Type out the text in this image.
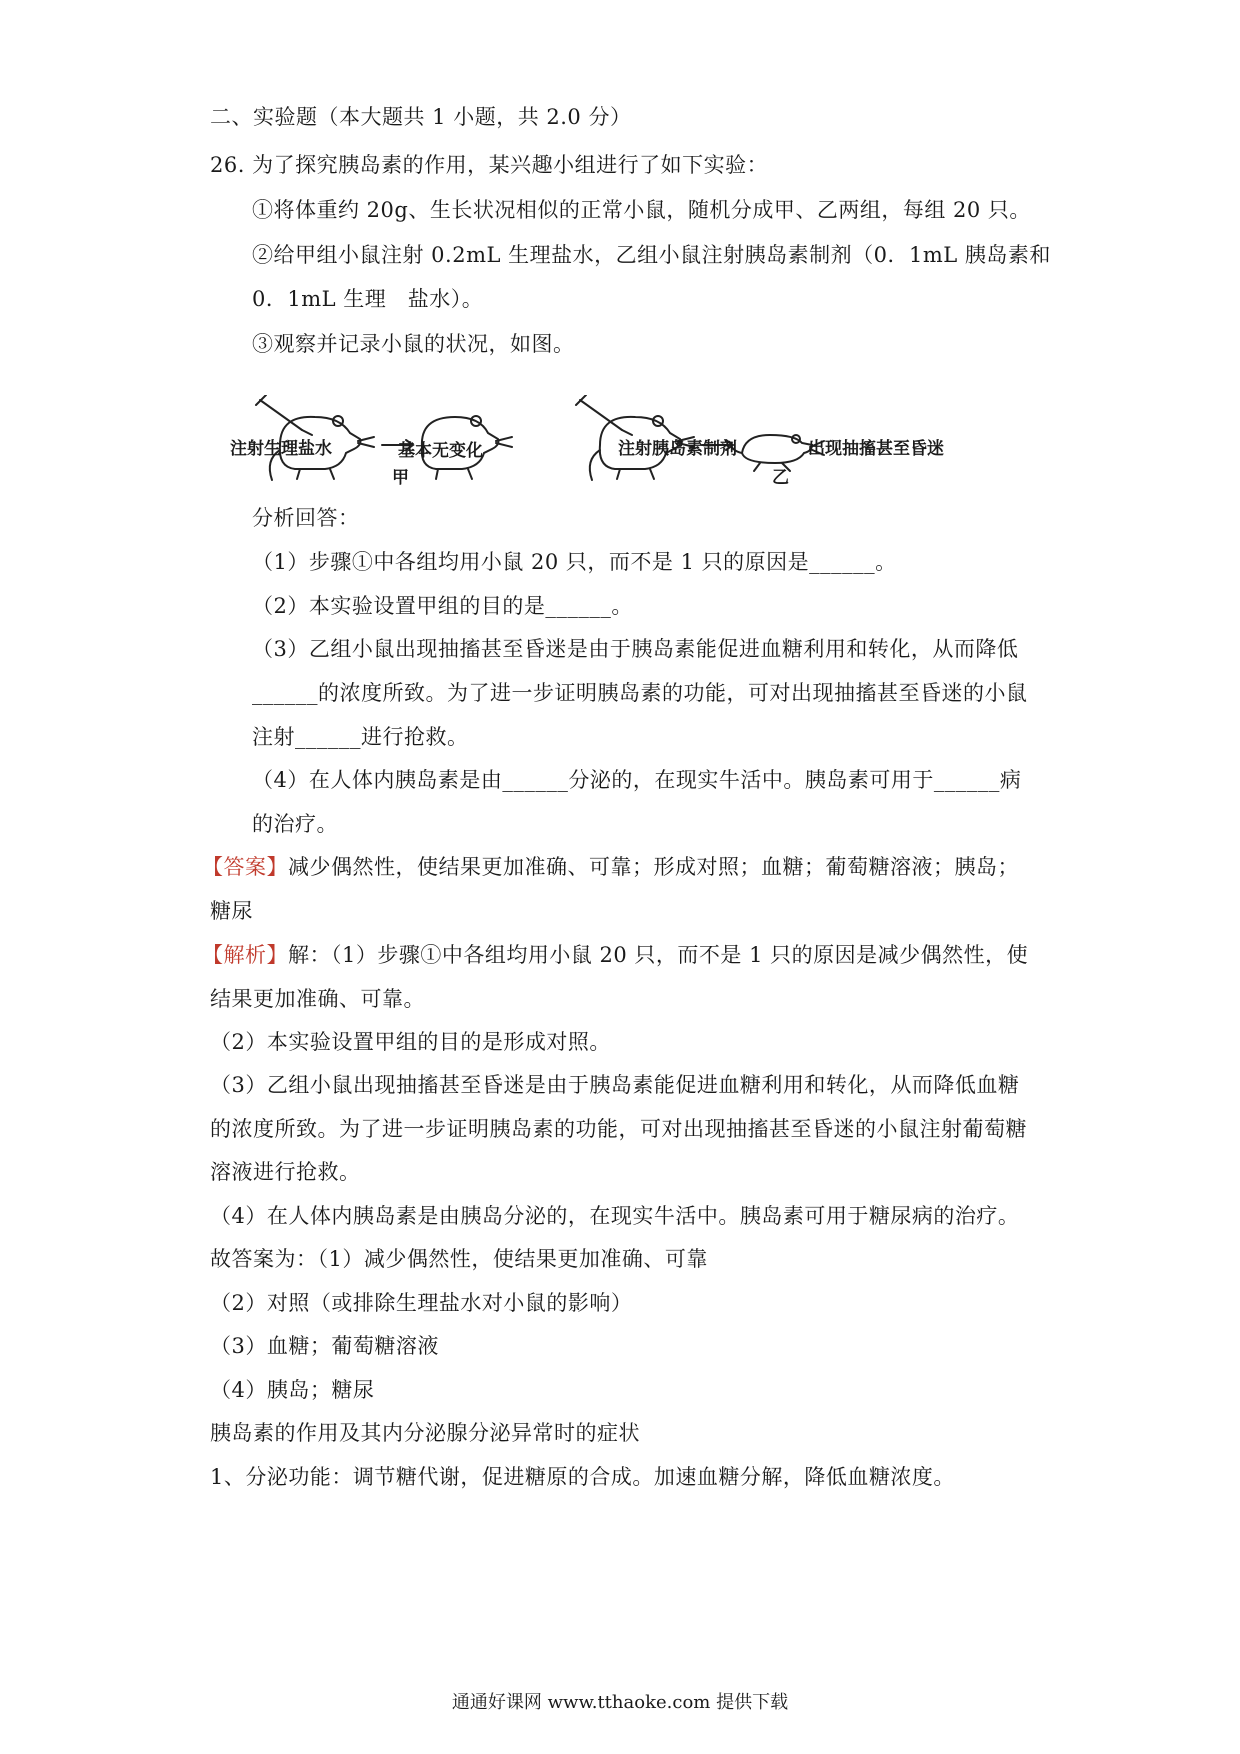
二、实验题（本大题共 1 小题，共 2.0 分）
26. 为了探究胰岛素的作用，某兴趣小组进行了如下实验：
①将体重约 20g、生长状况相似的正常小鼠，随机分成甲、乙两组，每组 20 只。
②给甲组小鼠注射 0.2mL 生理盐水，乙组小鼠注射胰岛素制剂（0．1mL 胰岛素和
0．1mL 生理　盐水）。
③观察并记录小鼠的状况，如图。
注射生理盐水	基本无变化	注射胰岛素制剂	出现抽搐甚至昏迷
甲	乙
分析回答：
（1）步骤①中各组均用小鼠 20 只，而不是 1 只的原因是______。
（2）本实验设置甲组的目的是______。
（3）乙组小鼠出现抽搐甚至昏迷是由于胰岛素能促进血糖利用和转化，从而降低
______的浓度所致。为了进一步证明胰岛素的功能，可对出现抽搐甚至昏迷的小鼠
注射______进行抢救。
（4）在人体内胰岛素是由______分泌的，在现实牛活中。胰岛素可用于______病
的治疗。
【答案】减少偶然性，使结果更加准确、可靠；形成对照；血糖；葡萄糖溶液；胰岛；
糖尿
【解析】解：（1）步骤①中各组均用小鼠 20 只，而不是 1 只的原因是减少偶然性，使
结果更加准确、可靠。
（2）本实验设置甲组的目的是形成对照。
（3）乙组小鼠出现抽搐甚至昏迷是由于胰岛素能促进血糖利用和转化，从而降低血糖
的浓度所致。为了进一步证明胰岛素的功能，可对出现抽搐甚至昏迷的小鼠注射葡萄糖
溶液进行抢救。
（4）在人体内胰岛素是由胰岛分泌的，在现实牛活中。胰岛素可用于糖尿病的治疗。
故答案为：（1）减少偶然性，使结果更加准确、可靠
（2）对照（或排除生理盐水对小鼠的影响）
（3）血糖；葡萄糖溶液
（4）胰岛；糖尿
胰岛素的作用及其内分泌腺分泌异常时的症状
1、分泌功能：调节糖代谢，促进糖原的合成。加速血糖分解，降低血糖浓度。
通通好课网 www.tthaoke.com 提供下载
